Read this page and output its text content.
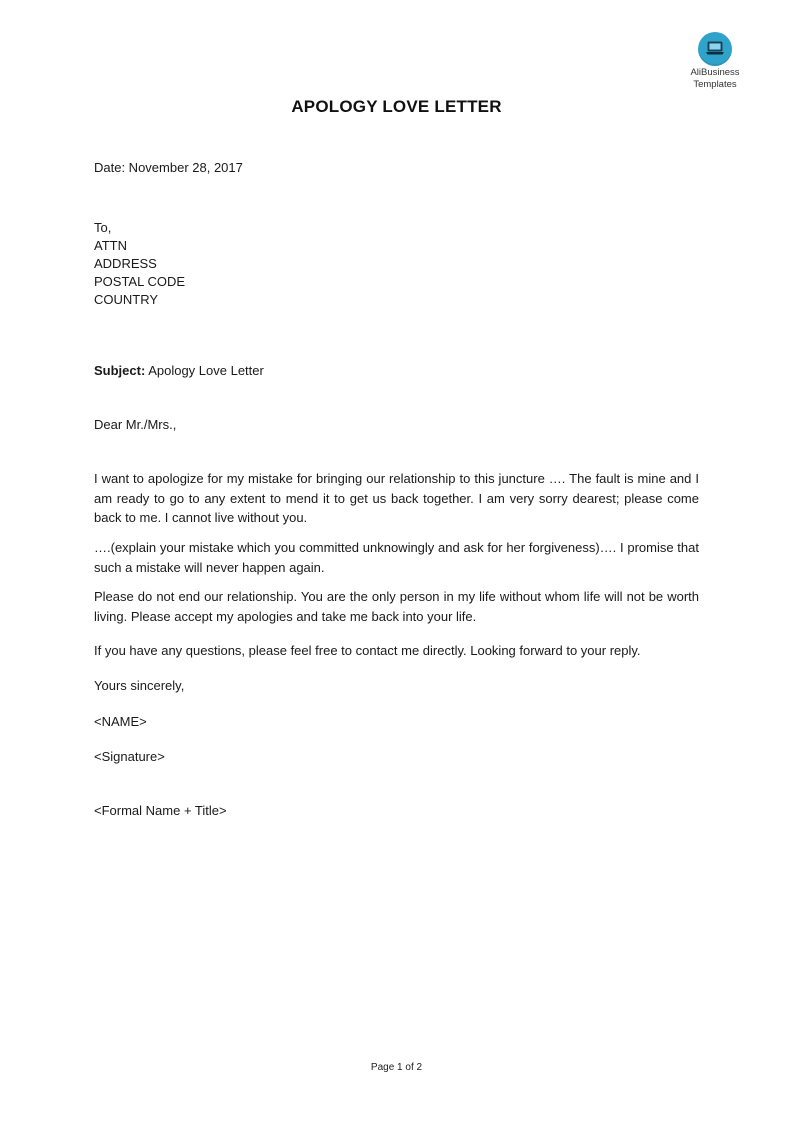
AliBusiness
Templates
APOLOGY LOVE LETTER
Date: November 28, 2017
To,
ATTN
ADDRESS
POSTAL CODE
COUNTRY
Subject: Apology Love Letter
Dear Mr./Mrs.,
I want to apologize for my mistake for bringing our relationship to this juncture …. The fault is mine and I am ready to go to any extent to mend it to get us back together. I am very sorry dearest; please come back to me. I cannot live without you.
….(explain your mistake which you committed unknowingly and ask for her forgiveness)…. I promise that such a mistake will never happen again.
Please do not end our relationship. You are the only person in my life without whom life will not be worth living. Please accept my apologies and take me back into your life.
If you have any questions, please feel free to contact me directly. Looking forward to your reply.
Yours sincerely,
<NAME>
<Signature>
<Formal Name + Title>
Page 1 of 2
